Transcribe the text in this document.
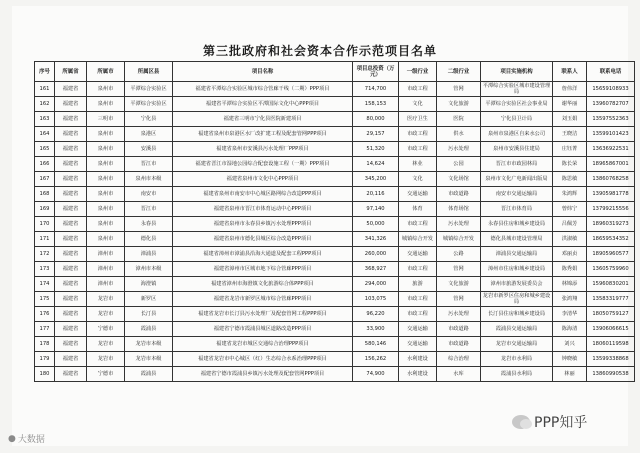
第三批政府和社会资本合作示范项目名单
序号	所属省	所属市	所属区县	项目名称	项目总投资（万元）	一级行业	二级行业	项目实施机构	联系人	联系电话
161	福建省	泉州市	平潭综合实验区	福建省平潭综合实验区城市综合管廊干线（二期）PPP项目	714,700	市政工程	管网	平潭综合实验区城市建设管理局	詹伟洋	15659108933
162	福建省	泉州市	平潭综合实验区	福建省平潭综合实验区平潭国际文化中心PPP项目	158,153	文化	文化旅游	平潭综合实验区社会事业局	谢华丽	13960782707
163	福建省	三明市	宁化县	福建省三明市宁化县医院新建项目	80,000	医疗卫生	医院	宁化县卫计局	刘玉娟	13597552363
164	福建省	泉州市	泉港区	福建省泉州市泉港区水厂改扩建工程及配套管网PPP项目	29,157	市政工程	供水	泉州市泉港区自来水公司	王晓洁	13599101423
165	福建省	泉州市	安溪县	福建省泉州市安溪县污水处理厂PPP项目	51,320	市政工程	污水处理	泉州市安溪县住建局	庄钰菁	13636922531
166	福建省	泉州市	晋江市	福建省晋江市湿地公园综合配套设施工程（一期）PPP项目	14,624	林业	公园	晋江市市政园林局	陈长荣	18965867001
167	福建省	泉州市	泉州市本级	福建省泉州市文化中心PPP项目	345,200	文化	文化场馆	泉州市文化广电新闻出版局	陈思敏	13860768258
168	福建省	泉州市	南安市	福建省泉州市南安市中心城区路网综合改造PPP项目	20,116	交通运输	市政道路	南安市交通运输局	朱鸿辉	13905981778
169	福建省	泉州市	晋江市	福建省泉州市晋江市体育运动中心PPP项目	97,140	体育	体育场馆	晋江市体育局	曾炜宁	13799215556
170	福建省	泉州市	永春县	福建省泉州市永春县乡镇污水处理PPP项目	50,000	市政工程	污水处理	永春县住房和城乡建设局	吕佩芳	18960319273
171	福建省	泉州市	德化县	福建省泉州市德化县城区综合改造PPP项目	341,326	城镇综合开发	城镇综合开发	德化县城市建设管理局	洪淑敏	18659534352
172	福建省	漳州市	漳浦县	福建省漳州市漳浦县沿海大通道及配套工程PPP项目	260,000	交通运输	公路	漳浦县交通运输局	邓丽贞	18905960577
173	福建省	漳州市	漳州市本级	福建省漳州市区城市地下综合管廊PPP项目	368,927	市政工程	管网	漳州市住房和城乡建设局	陈秀娟	13605759960
174	福建省	漳州市	海澄镇	福建省漳州市海澄镇文化旅游综合体PPP项目	294,000	旅游	文化旅游	漳州市旅游发展委员会	林锦添	15960830201
175	福建省	龙岩市	新罗区	福建省龙岩市新罗区城市综合管廊PPP项目	103,075	市政工程	管网	龙岩市新罗区住房和城乡建设局	张鸿翔	13583319777
176	福建省	龙岩市	长汀县	福建省龙岩市长汀县污水处理厂及配套管网工程PPP项目	96,220	市政工程	污水处理	长汀县住房和城乡建设局	李清华	18050759127
177	福建省	宁德市	霞浦县	福建省宁德市霞浦县城区道路改造PPP项目	33,900	交通运输	市政道路	霞浦县交通运输局	陈海清	13906066615
178	福建省	龙岩市	龙岩市本级	福建省龙岩市城区交通综合治理PPP项目	580,146	交通运输	市政道路	龙岩市交通运输局	刘兴	18060119598
179	福建省	龙岩市	龙岩市本级	福建省龙岩市中心城区（红）生态综合水系治理PPP项目	156,262	水利建设	综合治理	龙岩市水利局	钟晓敏	13599338868
180	福建省	宁德市	霞浦县	福建省宁德市霞浦县乡镇污水处理及配套管网PPP项目	74,900	水利建设	水库	霞浦县水利局	林丽	13860990538
● 大数据
PPP知乎
